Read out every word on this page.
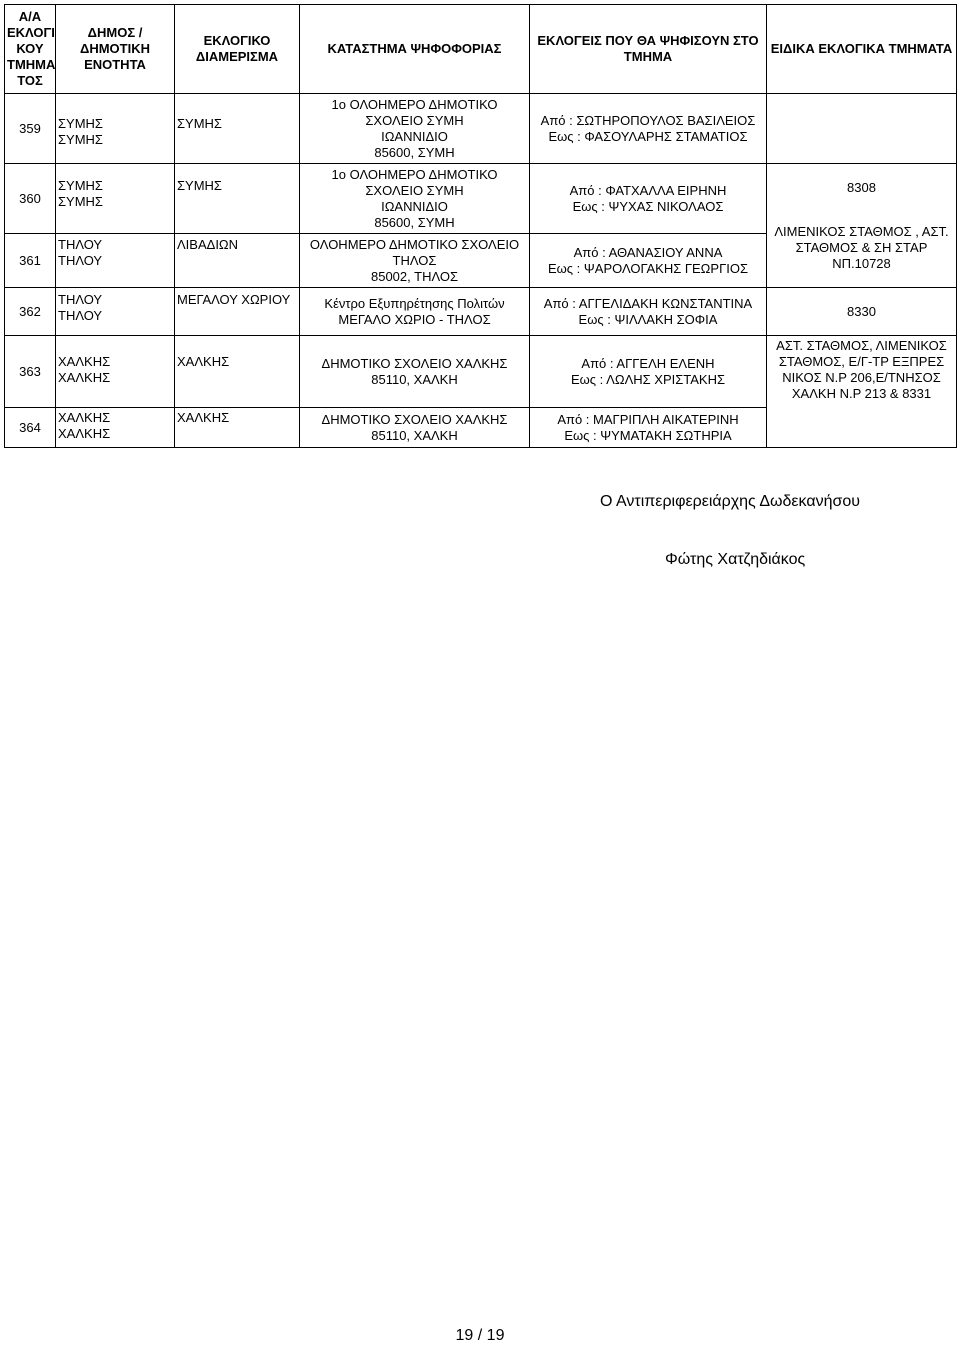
Α/Α
ΕΚΛΟΓΙ
ΚΟΥ
ΤΜΗΜΑ
ΤΟΣ	ΔΗΜΟΣ /
ΔΗΜΟΤΙΚΗ
ΕΝΟΤΗΤΑ	ΕΚΛΟΓΙΚΟ
ΔΙΑΜΕΡΙΣΜΑ	ΚΑΤΑΣΤΗΜΑ ΨΗΦΟΦΟΡΙΑΣ	ΕΚΛΟΓΕΙΣ ΠΟΥ ΘΑ ΨΗΦΙΣΟΥΝ ΣΤΟ
ΤΜΗΜΑ	ΕΙΔΙΚΑ ΕΚΛΟΓΙΚΑ ΤΜΗΜΑΤΑ
359	ΣΥΜΗΣ
ΣΥΜΗΣ	ΣΥΜΗΣ	1ο ΟΛΟΗΜΕΡΟ ΔΗΜΟΤΙΚΟ
ΣΧΟΛΕΙΟ ΣΥΜΗ
ΙΩΑΝΝΙΔΙΟ
85600, ΣΥΜΗ	Από : ΣΩΤΗΡΟΠΟΥΛΟΣ ΒΑΣΙΛΕΙΟΣ
Εως : ΦΑΣΟΥΛΑΡΗΣ ΣΤΑΜΑΤΙΟΣ	

360	ΣΥΜΗΣ
ΣΥΜΗΣ	ΣΥΜΗΣ	1ο ΟΛΟΗΜΕΡΟ ΔΗΜΟΤΙΚΟ
ΣΧΟΛΕΙΟ ΣΥΜΗ
ΙΩΑΝΝΙΔΙΟ
85600, ΣΥΜΗ	Από : ΦΑΤΧΑΛΛΑ ΕΙΡΗΝΗ
Εως : ΨΥΧΑΣ ΝΙΚΟΛΑΟΣ	8308
ΛΙΜΕΝΙΚΟΣ ΣΤΑΘΜΟΣ , ΑΣΤ.
ΣΤΑΘΜΟΣ & ΣΗ ΣΤΑΡ
ΝΠ.10728

361	ΤΗΛΟΥ
ΤΗΛΟΥ	ΛΙΒΑΔΙΩΝ	ΟΛΟΗΜΕΡΟ ΔΗΜΟΤΙΚΟ ΣΧΟΛΕΙΟ
ΤΗΛΟΣ
85002, ΤΗΛΟΣ	Από : ΑΘΑΝΑΣΙΟΥ ΑΝΝΑ
Εως : ΨΑΡΟΛΟΓΑΚΗΣ ΓΕΩΡΓΙΟΣ	

362	ΤΗΛΟΥ
ΤΗΛΟΥ	ΜΕΓΑΛΟΥ ΧΩΡΙΟΥ	Κέντρο Εξυπηρέτησης Πολιτών
ΜΕΓΑΛΟ ΧΩΡΙΟ - ΤΗΛΟΣ	Από : ΑΓΓΕΛΙΔΑΚΗ ΚΩΝΣΤΑΝΤΙΝΑ
Εως : ΨΙΛΛΑΚΗ ΣΟΦΙΑ	8330

363	ΧΑΛΚΗΣ
ΧΑΛΚΗΣ	ΧΑΛΚΗΣ	ΔΗΜΟΤΙΚΟ ΣΧΟΛΕΙΟ ΧΑΛΚΗΣ
85110, ΧΑΛΚΗ	Από : ΑΓΓΕΛΗ ΕΛΕΝΗ
Εως : ΛΩΛΗΣ ΧΡΙΣΤΑΚΗΣ	ΑΣΤ. ΣΤΑΘΜΟΣ, ΛΙΜΕΝΙΚΟΣ
ΣΤΑΘΜΟΣ, Ε/Γ-ΤΡ ΕΞΠΡΕΣ
ΝΙΚΟΣ Ν.Ρ 206,Ε/ΤΝΗΣΟΣ
ΧΑΛΚΗ Ν.Ρ 213 & 8331

364	ΧΑΛΚΗΣ
ΧΑΛΚΗΣ	ΧΑΛΚΗΣ	ΔΗΜΟΤΙΚΟ ΣΧΟΛΕΙΟ ΧΑΛΚΗΣ
85110, ΧΑΛΚΗ	Από : ΜΑΓΡΙΠΛΗ ΑΙΚΑΤΕΡΙΝΗ
Εως : ΨΥΜΑΤΑΚΗ ΣΩΤΗΡΙΑ	
Ο Αντιπεριφερειάρχης Δωδεκανήσου
Φώτης Χατζηδιάκος
19 / 19
